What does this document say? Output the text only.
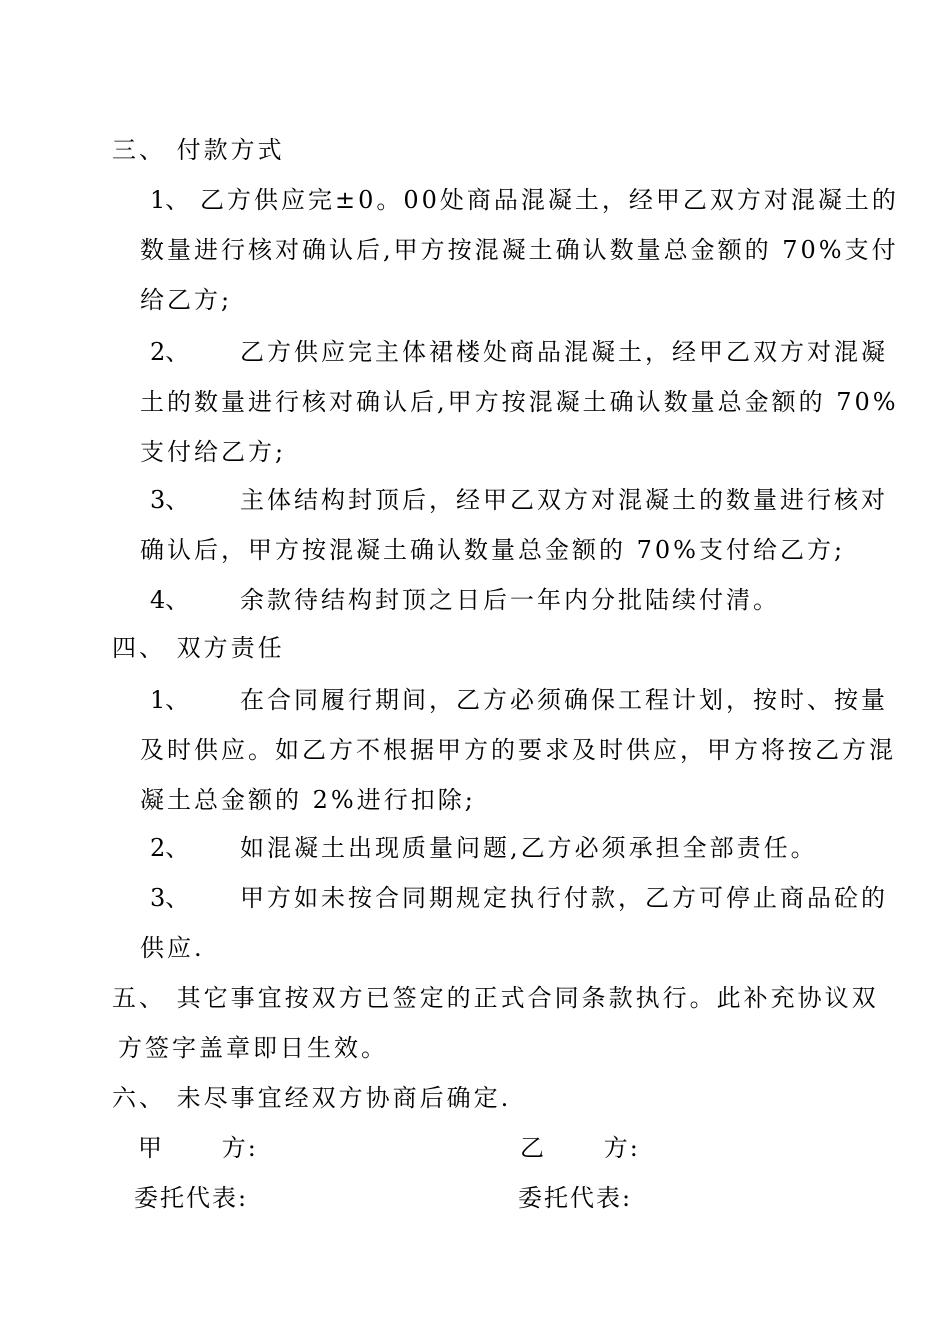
三、 付款方式
1、 乙方供应完±0。00处商品混凝土，经甲乙双方对混凝土的
数量进行核对确认后,甲方按混凝土确认数量总金额的 70%支付
给乙方;
2、 乙方供应完主体裙楼处商品混凝土，经甲乙双方对混凝
土的数量进行核对确认后,甲方按混凝土确认数量总金额的 70%
支付给乙方;
3、 主体结构封顶后，经甲乙双方对混凝土的数量进行核对
确认后，甲方按混凝土确认数量总金额的 70%支付给乙方;
4、 余款待结构封顶之日后一年内分批陆续付清。
四、 双方责任
1、 在合同履行期间，乙方必须确保工程计划，按时、按量
及时供应。如乙方不根据甲方的要求及时供应，甲方将按乙方混
凝土总金额的 2%进行扣除;
2、 如混凝土出现质量问题,乙方必须承担全部责任。
3、 甲方如未按合同期规定执行付款，乙方可停止商品砼的
供应.
五、 其它事宜按双方已签定的正式合同条款执行。此补充协议双
方签字盖章即日生效。
六、 未尽事宜经双方协商后确定.
甲      方:	乙      方:
委托代表:	委托代表:
